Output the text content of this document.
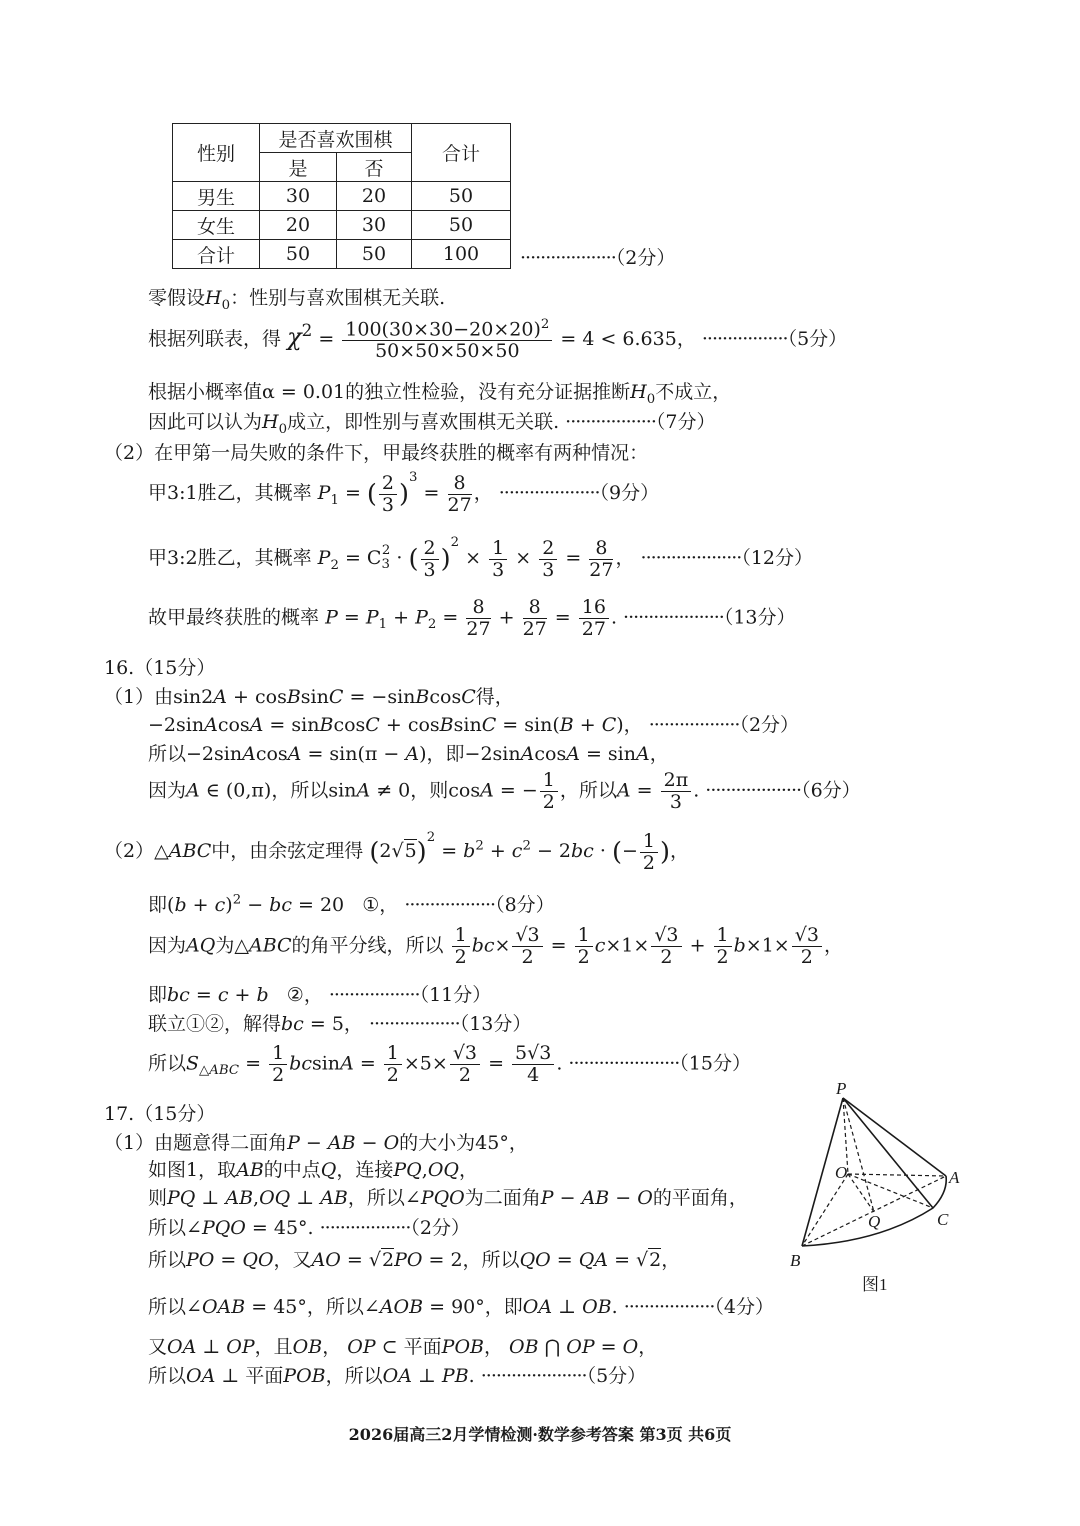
性别	是否喜欢围棋		合计
	是	否	
男生	30	20	50
女生	20	30	50
合计	50	50	100 ···················（2分）
零假设$H_0$：性别与喜欢围棋无关联.
根据列联表，得 $\chi^2 = \frac{100(30\times 30-20\times 20)^2}{50\times 50\times 50\times 50} = 4 < 6.635$， ·················（5分）
根据小概率值α = 0.01的独立性检验，没有充分证据推断$H_0$不成立，
因此可以认为$H_0$成立，即性别与喜欢围棋无关联. ··················（7分）
（2）在甲第一局失败的条件下，甲最终获胜的概率有两种情况：
甲3:1胜乙，其概率 $P_1$ = ( $\frac{2}{3} )^3 = \frac{8}{27}$ ， ····················（9分）
甲3:2胜乙，其概率 $P_2 = C_3^2$ · ( $\frac{2}{3} )^2 \times \frac{1}{3} \times \frac{2}{3} = \frac{8}{27}$ ， ····················（12分）
故甲最终获胜的概率 $P = P_1 + P_2 = \frac{8}{27} + \frac{8}{27} = \frac{16}{27}$ . ····················（13分）
16.（15分）
（1）由sin2A + cosBsinC = −sinBcosC得，
−2sinAcosA = sinBcosC + cosBsinC = sin(B + C)， ··················（2分）
所以−2sinAcosA = sin(π − A)，即−2sinAcosA = sinA，
因为A ∈ (0,π)，所以sinA ≠ 0，则cosA = − $\frac{1}{2}$ ，所以$A = \frac{2\pi}{3}$ . ···················（6分）
（2）△ABC中，由余弦定理得 $(2√5)^2 = b^2 + c^2 - 2bc$ · (− $\frac{1}{2}$ )，
即$(b + c)^2$ − bc = 20   ①， ··················（8分）
因为AQ为△ABC的角平分线，所以 $\frac{1}{2} bc\times \frac{√3}{2} = \frac{1}{2} c\times 1\times \frac{√3}{2} + \frac{1}{2} b\times 1\times \frac{√3}{2}$ ，
即bc = c + b ②， ··················（11分）
联立①②，解得bc = 5， ··················（13分）
所以$S_{\triangle ABC} = \frac{1}{2}$ $bcsinA = \frac{1}{2} \times 5\times \frac{√3}{2} = \frac{5√3}{4}$ . ······················（15分）
17.（15分）
（1）由题意得二面角P − AB − O的大小为45°，
如图1，取AB的中点Q，连接PQ,OQ，
则PQ ⊥ AB,OQ ⊥ AB，所以∠PQO为二面角P − AB − O的平面角，
所以∠PQO = 45°. ··················（2分）
所以PO = QO，又AO = √2PO = 2，所以QO = QA = √2，
所以∠OAB = 45°，所以∠AOB = 90°，即OA ⊥ OB. ··················（4分）
又OA ⊥ OP，且OB， OP ⊂ 平面POB， OB ⋂ OP = O，
所以OA ⊥ 平面POB，所以OA ⊥ PB. ·····················（5分）
P
O	A
Q	C
B
图1
2026届高三2月学情检测·数学参考答案 第3页 共6页
